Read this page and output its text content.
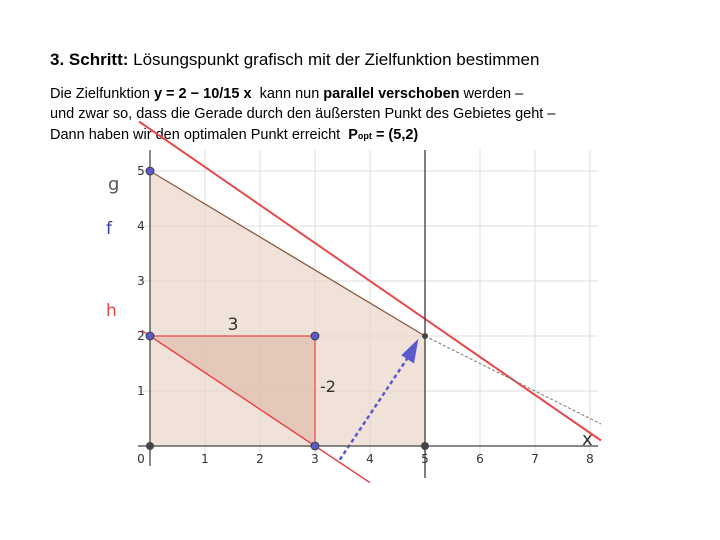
3. Schritt: Lösungspunkt grafisch mit der Zielfunktion bestimmen
Die Zielfunktion y = 2 − 10/15 x kann nun parallel verschoben werden –
und zwar so, dass die Gerade durch den äußersten Punkt des Gebietes geht –
Dann haben wir den optimalen Punkt erreicht Popt = (5,2)
0	1	2	3	4	5	6	7	8
1
2
3
4
5
g
f
h
x
3
-2
